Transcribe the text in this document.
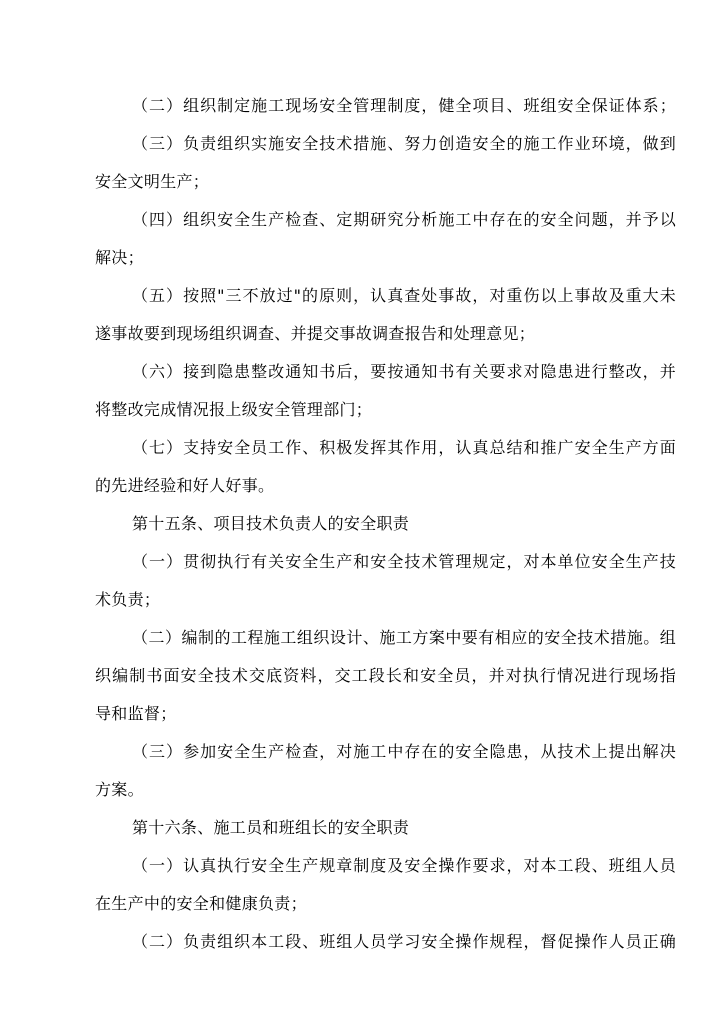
（二）组织制定施工现场安全管理制度，健全项目、班组安全保证体系；
（三）负责组织实施安全技术措施、努力创造安全的施工作业环境，做到
安全文明生产；
（四）组织安全生产检查、定期研究分析施工中存在的安全问题，并予以
解决；
（五）按照"三不放过"的原则，认真查处事故，对重伤以上事故及重大未
遂事故要到现场组织调查、并提交事故调查报告和处理意见；
（六）接到隐患整改通知书后，要按通知书有关要求对隐患进行整改，并
将整改完成情况报上级安全管理部门；
（七）支持安全员工作、积极发挥其作用，认真总结和推广安全生产方面
的先进经验和好人好事。
第十五条、项目技术负责人的安全职责
（一）贯彻执行有关安全生产和安全技术管理规定，对本单位安全生产技
术负责；
（二）编制的工程施工组织设计、施工方案中要有相应的安全技术措施。组
织编制书面安全技术交底资料，交工段长和安全员，并对执行情况进行现场指
导和监督；
（三）参加安全生产检查，对施工中存在的安全隐患，从技术上提出解决
方案。
第十六条、施工员和班组长的安全职责
（一）认真执行安全生产规章制度及安全操作要求，对本工段、班组人员
在生产中的安全和健康负责；
（二）负责组织本工段、班组人员学习安全操作规程，督促操作人员正确
